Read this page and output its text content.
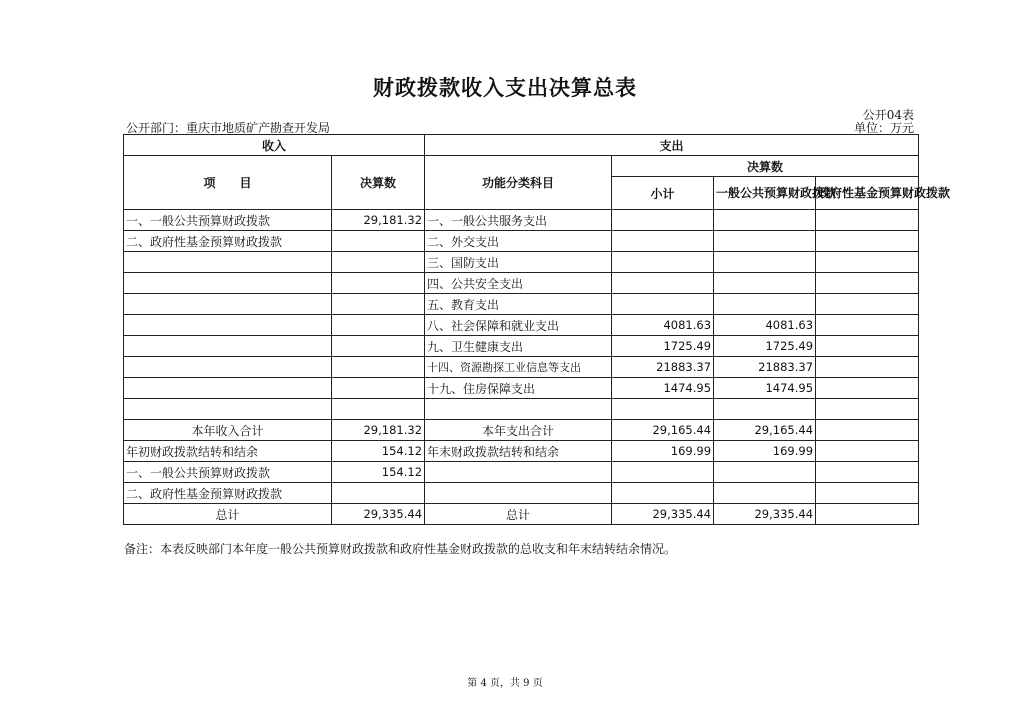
财政拨款收入支出决算总表
公开04表
公开部门：重庆市地质矿产勘查开发局	单位：万元
收入		支出			
项　　目	决算数	功能分类科目	决算数		
			小计	一般公共预算财政拨款	政府性基金预算财政拨款
一、一般公共预算财政拨款	29,181.32	一、一般公共服务支出			
二、政府性基金预算财政拨款		二、外交支出			
		三、国防支出			
		四、公共安全支出			
		五、教育支出			
		八、社会保障和就业支出	4081.63	4081.63	
		九、卫生健康支出	1725.49	1725.49	
		十四、资源勘探工业信息等支出	21883.37	21883.37	
		十九、住房保障支出	1474.95	1474.95	

本年收入合计	29,181.32	本年支出合计	29,165.44	29,165.44	
年初财政拨款结转和结余	154.12	年末财政拨款结转和结余	169.99	169.99	
一、一般公共预算财政拨款	154.12				
二、政府性基金预算财政拨款					
总计	29,335.44	总计	29,335.44	29,335.44	
备注：本表反映部门本年度一般公共预算财政拨款和政府性基金财政拨款的总收支和年末结转结余情况。
第 4 页，共 9 页
